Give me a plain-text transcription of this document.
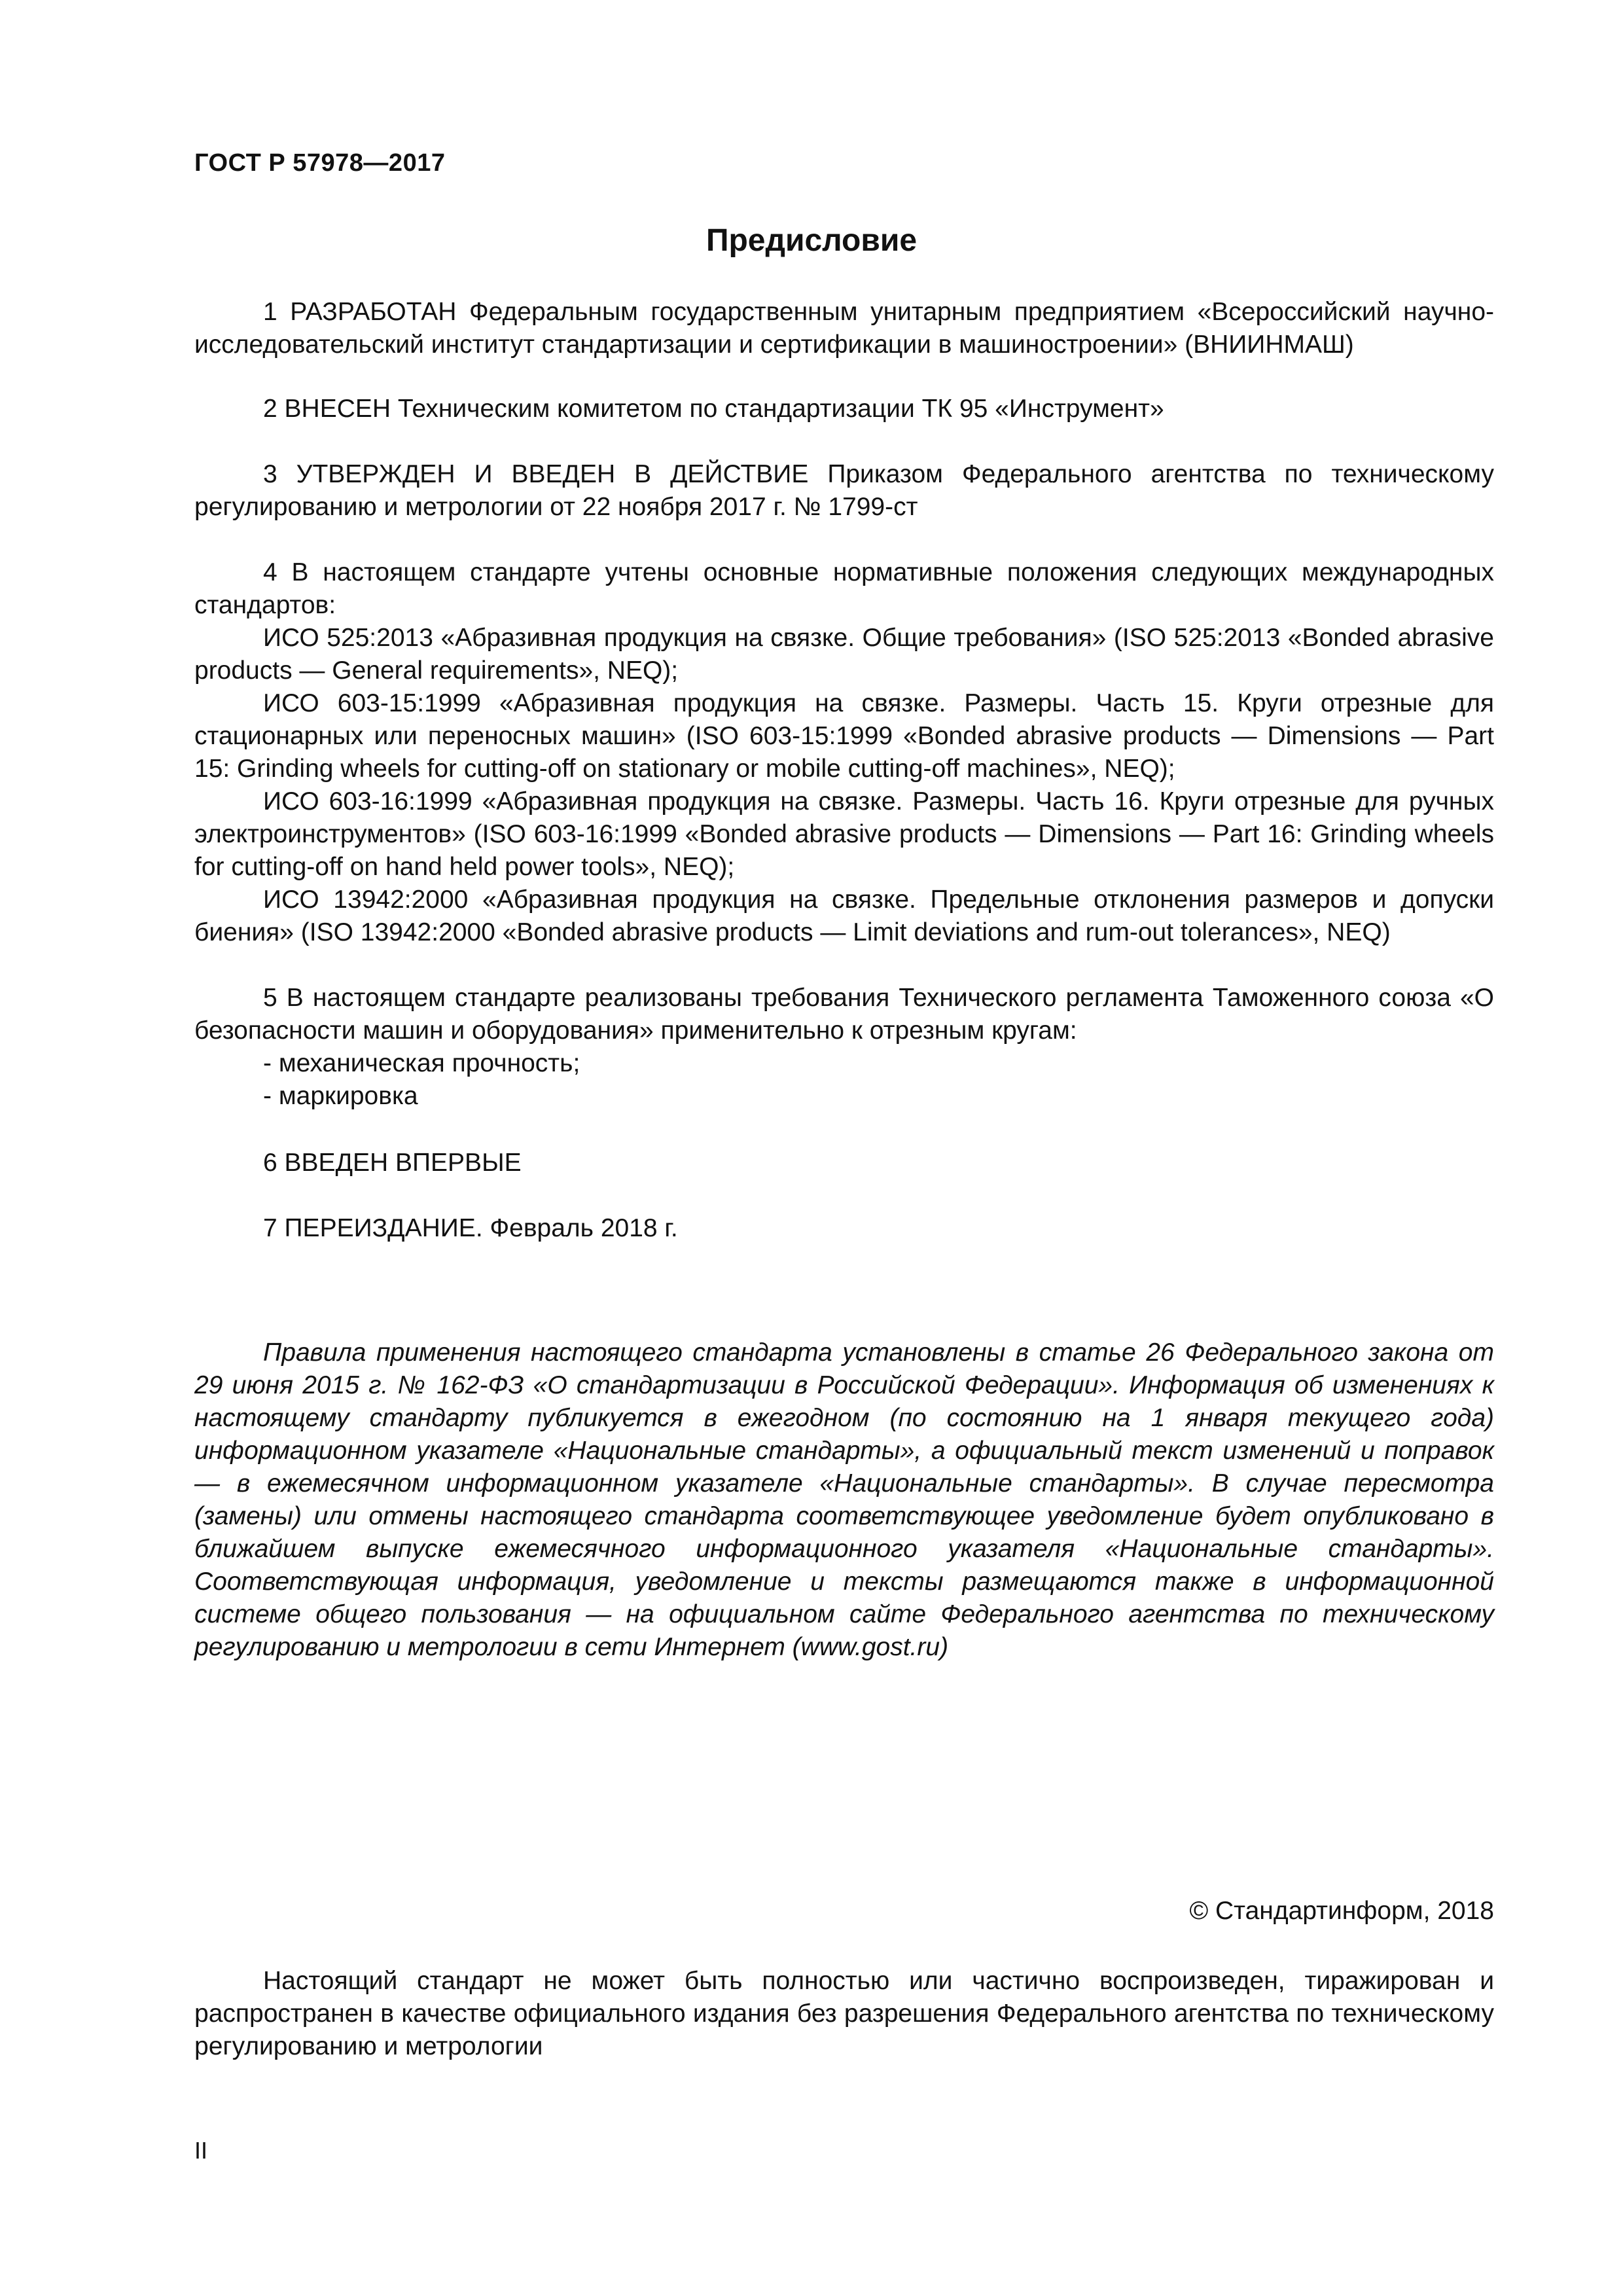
ГОСТ Р 57978—2017
Предисловие

1 РАЗРАБОТАН Федеральным государственным унитарным предприятием «Всероссийский научно-исследовательский институт стандартизации и сертификации в машиностроении» (ВНИИНМАШ)

2 ВНЕСЕН Техническим комитетом по стандартизации ТК 95 «Инструмент»

3 УТВЕРЖДЕН И ВВЕДЕН В ДЕЙСТВИЕ Приказом Федерального агентства по техническому регулированию и метрологии от 22 ноября 2017 г. № 1799-ст

4 В настоящем стандарте учтены основные нормативные положения следующих международных стандартов:

ИСО 525:2013 «Абразивная продукция на связке. Общие требования» (ISO 525:2013 «Bonded abrasive products — General requirements», NEQ);

ИСО 603-15:1999 «Абразивная продукция на связке. Размеры. Часть 15. Круги отрезные для стационарных или переносных машин» (ISO 603-15:1999 «Bonded abrasive products — Dimensions — Part 15: Grinding wheels for cutting-off on stationary or mobile cutting-off machines», NEQ);

ИСО 603-16:1999 «Абразивная продукция на связке. Размеры. Часть 16. Круги отрезные для ручных электроинструментов» (ISO 603-16:1999 «Bonded abrasive products — Dimensions — Part 16: Grinding wheels for cutting-off on hand held power tools», NEQ);

ИСО 13942:2000 «Абразивная продукция на связке. Предельные отклонения размеров и допуски биения» (ISO 13942:2000 «Bonded abrasive products — Limit deviations and rum-out tolerances», NEQ)

5 В настоящем стандарте реализованы требования Технического регламента Таможенного союза «О безопасности машин и оборудования» применительно к отрезным кругам:

- механическая прочность;

- маркировка

6 ВВЕДЕН ВПЕРВЫЕ

7 ПЕРЕИЗДАНИЕ. Февраль 2018 г.

Правила применения настоящего стандарта установлены в статье 26 Федерального закона от 29 июня 2015 г. № 162-ФЗ «О стандартизации в Российской Федерации». Информация об изменениях к настоящему стандарту публикуется в ежегодном (по состоянию на 1 января текущего года) информационном указателе «Национальные стандарты», а официальный текст изменений и поправок — в ежемесячном информационном указателе «Национальные стандарты». В случае пересмотра (замены) или отмены настоящего стандарта соответствующее уведомление будет опубликовано в ближайшем выпуске ежемесячного информационного указателя «Национальные стандарты». Соответствующая информация, уведомление и тексты размещаются также в информационной системе общего пользования — на официальном сайте Федерального агентства по техническому регулированию и метрологии в сети Интернет (www.gost.ru)

© Стандартинформ, 2018

Настоящий стандарт не может быть полностью или частично воспроизведен, тиражирован и распространен в качестве официального издания без разрешения Федерального агентства по техническому регулированию и метрологии

II
